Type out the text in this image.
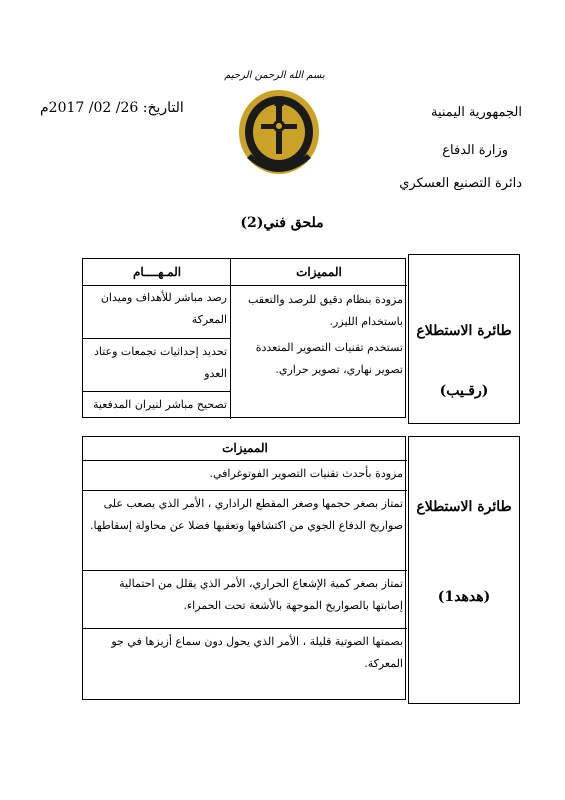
بسم الله الرحمن الرحيم
التاريخ: 26/ 02/ 2017م	الجمهورية اليمنية
وزارة الدفاع
دائرة التصنيع العسكري
ملحق فني(2)
طائرة الاستطلاع
(رقـيب)
المميزات
المـهــــام
مزودة بنظام دقيق للرصد والتعقب باستخدام الليزر.
تستخدم تقنيات التصوير المتعددة تصوير نهاري، تصوير حراري.
رصد مباشر للأهداف وميدان المعركة
تحديد إحداثيات تجمعات وعتاد العدو
تصحيح مباشر لنيران المدفعية
طائرة الاستطلاع
(هدهد1)
المميزات
مزودة بأحدث تقنيات التصوير الفوتوغرافي.
تمتاز بصغر حجمها وصغر المقطع الراداري ، الأمر الذي يصعب على صواريخ الدفاع الجوي من اكتشافها وتعقبها فضلا عن محاولة إسقاطها.
تمتاز بصغر كمية الإشعاع الحراري، الأمر الذي يقلل من احتمالية إصابتها بالصواريخ الموجهة بالأشعة تحت الحمراء.
بصمتها الصوتية قليلة ، الأمر الذي يحول دون سماع أزيزها في جو المعركة.
